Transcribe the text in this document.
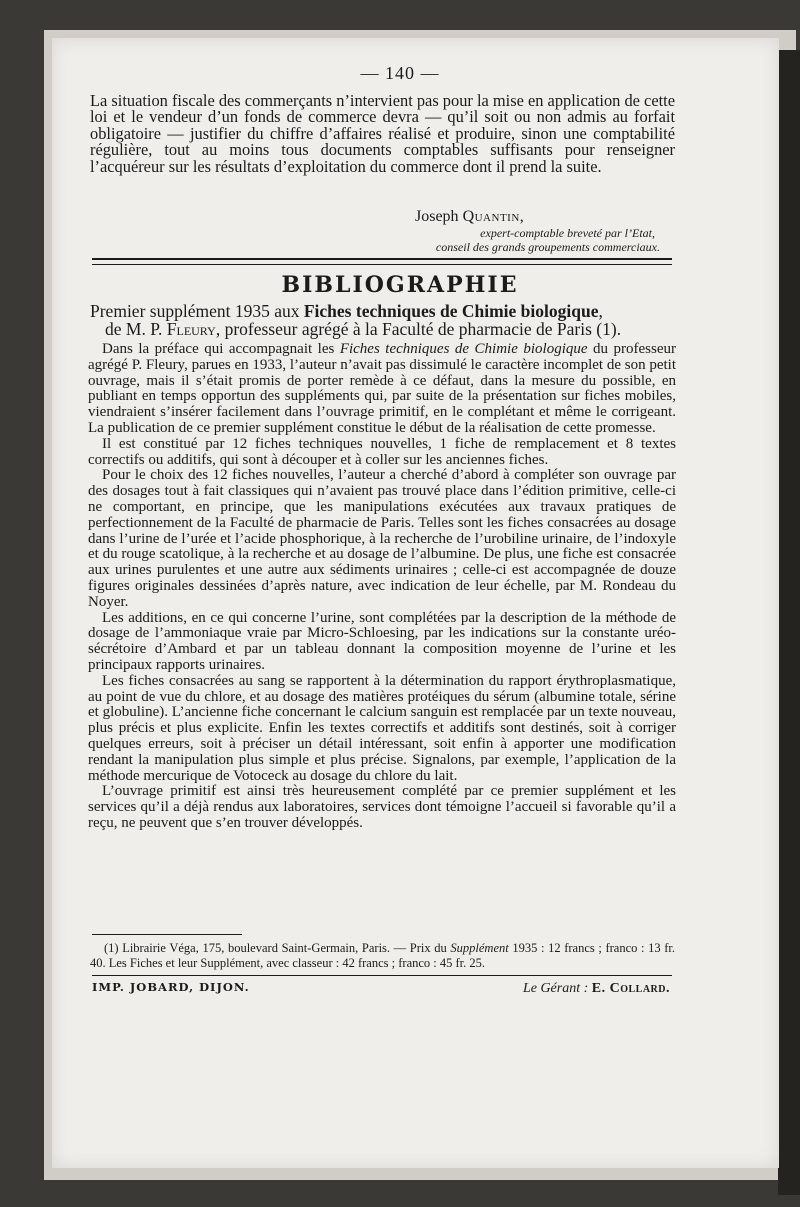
— 140 —

La situation fiscale des commerçants n’intervient pas pour la mise en application de cette loi et le vendeur d’un fonds de commerce devra — qu’il soit ou non admis au forfait obligatoire — justifier du chiffre d’affaires réalisé et produire, sinon une comptabilité régulière, tout au moins tous documents comptables suffisants pour renseigner l’acquéreur sur les résultats d’exploitation du commerce dont il prend la suite.

Joseph Quantin,
expert-comptable breveté par l’Etat,
conseil des grands groupements commerciaux.
BIBLIOGRAPHIE
Premier supplément 1935 aux Fiches techniques de Chimie biologique,
de M. P. Fleury, professeur agrégé à la Faculté de pharmacie de Paris (1).

Dans la préface qui accompagnait les Fiches techniques de Chimie biologique du professeur agrégé P. Fleury, parues en 1933, l’auteur n’avait pas dissimulé le caractère incomplet de son petit ouvrage, mais il s’était promis de porter remède à ce défaut, dans la mesure du possible, en publiant en temps opportun des suppléments qui, par suite de la présentation sur fiches mobiles, viendraient s’insérer facilement dans l’ouvrage primitif, en le complétant et même le corrigeant. La publication de ce premier supplément constitue le début de la réalisation de cette promesse.

Il est constitué par 12 fiches techniques nouvelles, 1 fiche de remplacement et 8 textes correctifs ou additifs, qui sont à découper et à coller sur les anciennes fiches.

Pour le choix des 12 fiches nouvelles, l’auteur a cherché d’abord à compléter son ouvrage par des dosages tout à fait classiques qui n’avaient pas trouvé place dans l’édition primitive, celle-ci ne comportant, en principe, que les manipulations exécutées aux travaux pratiques de perfectionnement de la Faculté de pharmacie de Paris. Telles sont les fiches consacrées au dosage dans l’urine de l’urée et l’acide phosphorique, à la recherche de l’urobiline urinaire, de l’indoxyle et du rouge scatolique, à la recherche et au dosage de l’albumine. De plus, une fiche est consacrée aux urines purulentes et une autre aux sédiments urinaires ; celle-ci est accompagnée de douze figures originales dessinées d’après nature, avec indication de leur échelle, par M. Rondeau du Noyer.

Les additions, en ce qui concerne l’urine, sont complétées par la description de la méthode de dosage de l’ammoniaque vraie par Micro-Schloesing, par les indications sur la constante uréo-sécrétoire d’Ambard et par un tableau donnant la composition moyenne de l’urine et les principaux rapports urinaires.

Les fiches consacrées au sang se rapportent à la détermination du rapport érythroplasmatique, au point de vue du chlore, et au dosage des matières protéiques du sérum (albumine totale, sérine et globuline). L’ancienne fiche concernant le calcium sanguin est remplacée par un texte nouveau, plus précis et plus explicite. Enfin les textes correctifs et additifs sont destinés, soit à corriger quelques erreurs, soit à préciser un détail intéressant, soit enfin à apporter une modification rendant la manipulation plus simple et plus précise. Signalons, par exemple, l’application de la méthode mercurique de Votoceck au dosage du chlore du lait.

L’ouvrage primitif est ainsi très heureusement complété par ce premier supplément et les services qu’il a déjà rendus aux laboratoires, services dont témoigne l’accueil si favorable qu’il a reçu, ne peuvent que s’en trouver développés.

(1) Librairie Véga, 175, boulevard Saint-Germain, Paris. — Prix du Supplément 1935 : 12 francs ; franco : 13 fr. 40. Les Fiches et leur Supplément, avec classeur : 42 francs ; franco : 45 fr. 25.

IMP. JOBARD, DIJON.	Le Gérant : E. Collard.
